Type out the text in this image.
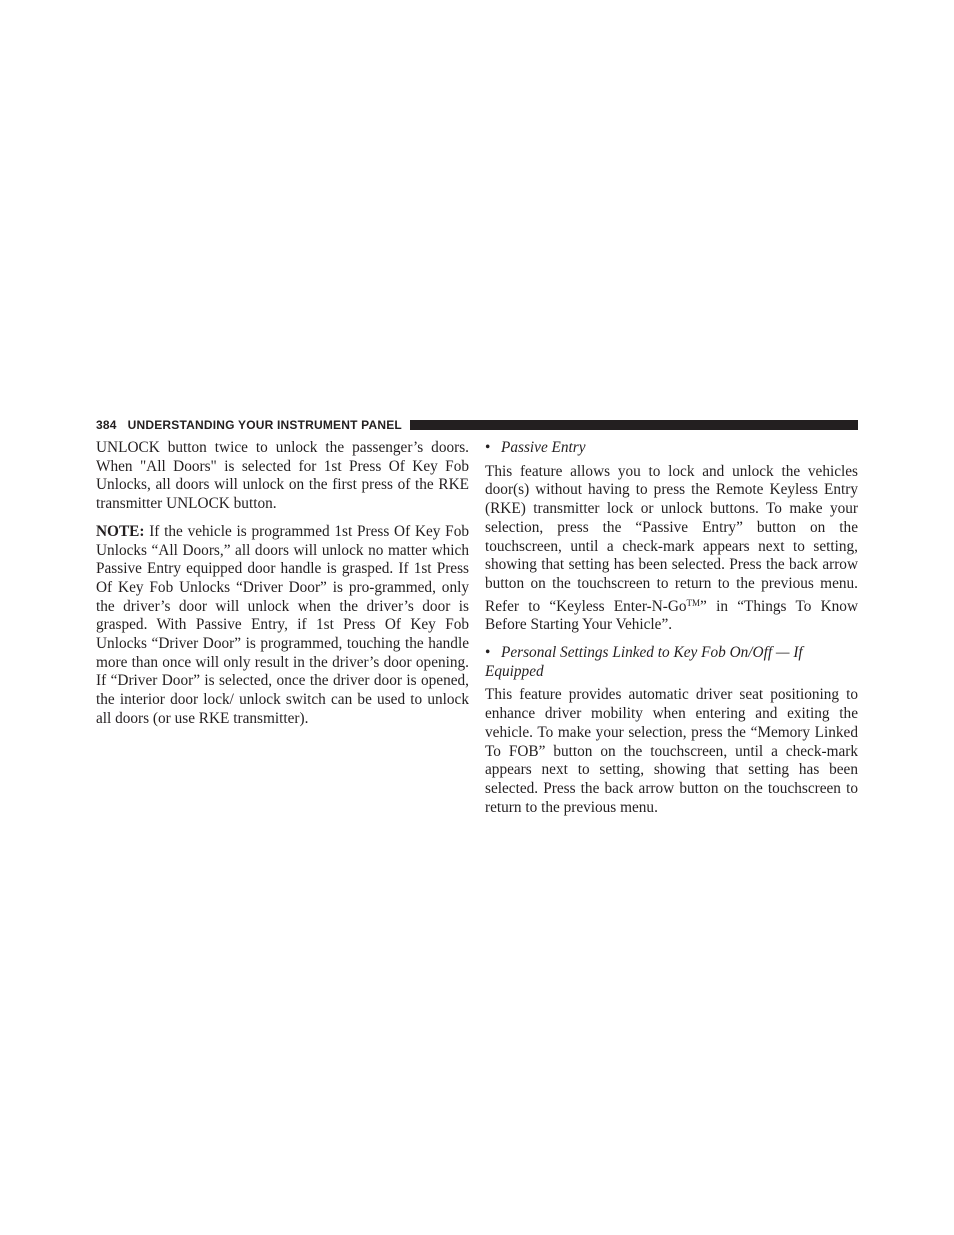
384 UNDERSTANDING YOUR INSTRUMENT PANEL

UNLOCK button twice to unlock the passenger’s doors. When "All Doors" is selected for 1st Press Of Key Fob Unlocks, all doors will unlock on the first press of the RKE transmitter UNLOCK button.

NOTE: If the vehicle is programmed 1st Press Of Key Fob Unlocks “All Doors,” all doors will unlock no matter which Passive Entry equipped door handle is grasped. If 1st Press Of Key Fob Unlocks “Driver Door” is pro-grammed, only the driver’s door will unlock when the driver’s door is grasped. With Passive Entry, if 1st Press Of Key Fob Unlocks “Driver Door” is programmed, touching the handle more than once will only result in the driver’s door opening. If “Driver Door” is selected, once the driver door is opened, the interior door lock/ unlock switch can be used to unlock all doors (or use RKE transmitter).

• Passive Entry

This feature allows you to lock and unlock the vehicles door(s) without having to press the Remote Keyless Entry (RKE) transmitter lock or unlock buttons. To make your selection, press the “Passive Entry” button on the touchscreen, until a check-mark appears next to setting, showing that setting has been selected. Press the back arrow button on the touchscreen to return to the previous menu. Refer to “Keyless Enter-N-Go™” in “Things To Know Before Starting Your Vehicle”.

• Personal Settings Linked to Key Fob On/Off — If Equipped

This feature provides automatic driver seat positioning to enhance driver mobility when entering and exiting the vehicle. To make your selection, press the “Memory Linked To FOB” button on the touchscreen, until a check-mark appears next to setting, showing that setting has been selected. Press the back arrow button on the touchscreen to return to the previous menu.
